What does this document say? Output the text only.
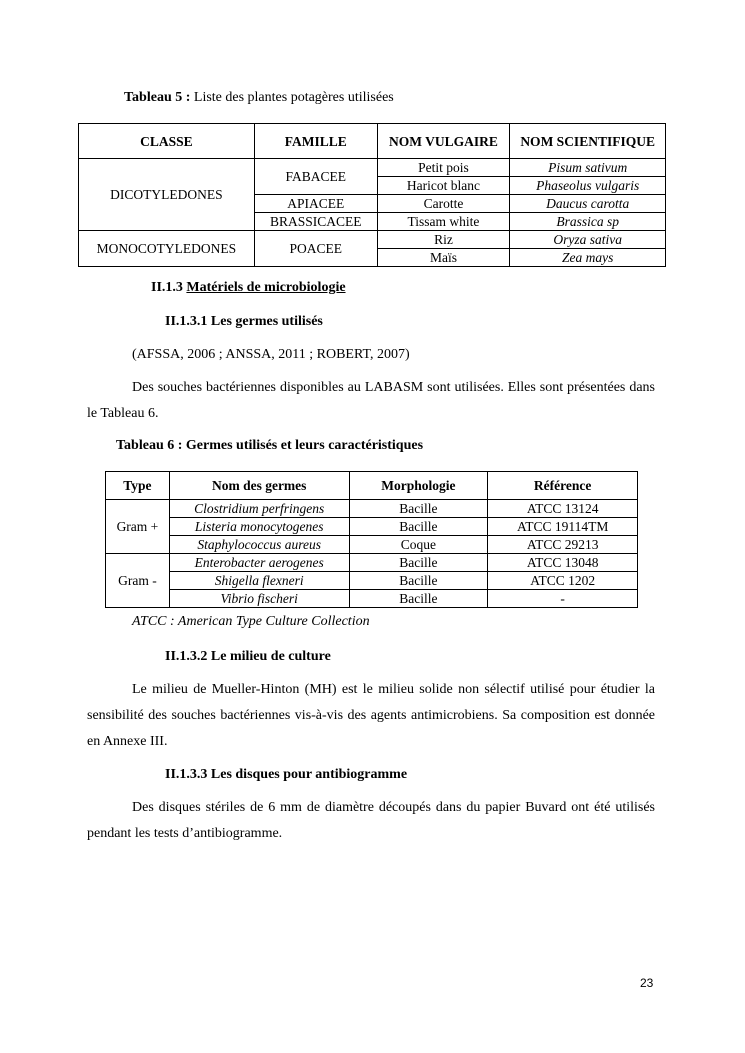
Tableau 5 : Liste des plantes potagères utilisées
CLASSE	FAMILLE	NOM VULGAIRE	NOM SCIENTIFIQUE
DICOTYLEDONES	FABACEE	Petit pois	Pisum sativum
		Haricot blanc	Phaseolus vulgaris
	APIACEE	Carotte	Daucus carotta
	BRASSICACEE	Tissam white	Brassica sp
MONOCOTYLEDONES	POACEE	Riz	Oryza sativa
		Maïs	Zea mays
II.1.3 Matériels de microbiologie
II.1.3.1 Les germes utilisés
(AFSSA, 2006 ; ANSSA, 2011 ; ROBERT, 2007)
Des souches bactériennes disponibles au LABASM sont utilisées. Elles sont présentées dans le Tableau 6.
Tableau 6 : Germes utilisés et leurs caractéristiques
Type	Nom des germes	Morphologie	Référence
Gram +	Clostridium perfringens	Bacille	ATCC 13124
	Listeria monocytogenes	Bacille	ATCC 19114TM
	Staphylococcus aureus	Coque	ATCC 29213
Gram -	Enterobacter aerogenes	Bacille	ATCC 13048
	Shigella flexneri	Bacille	ATCC 1202
	Vibrio fischeri	Bacille	-
ATCC : American Type Culture Collection
II.1.3.2 Le milieu de culture
Le milieu de Mueller-Hinton (MH) est le milieu solide non sélectif utilisé pour étudier la sensibilité des souches bactériennes vis-à-vis des agents antimicrobiens. Sa composition est donnée en Annexe III.
II.1.3.3 Les disques pour antibiogramme
Des disques stériles de 6 mm de diamètre découpés dans du papier Buvard ont été utilisés pendant les tests d’antibiogramme.
23
